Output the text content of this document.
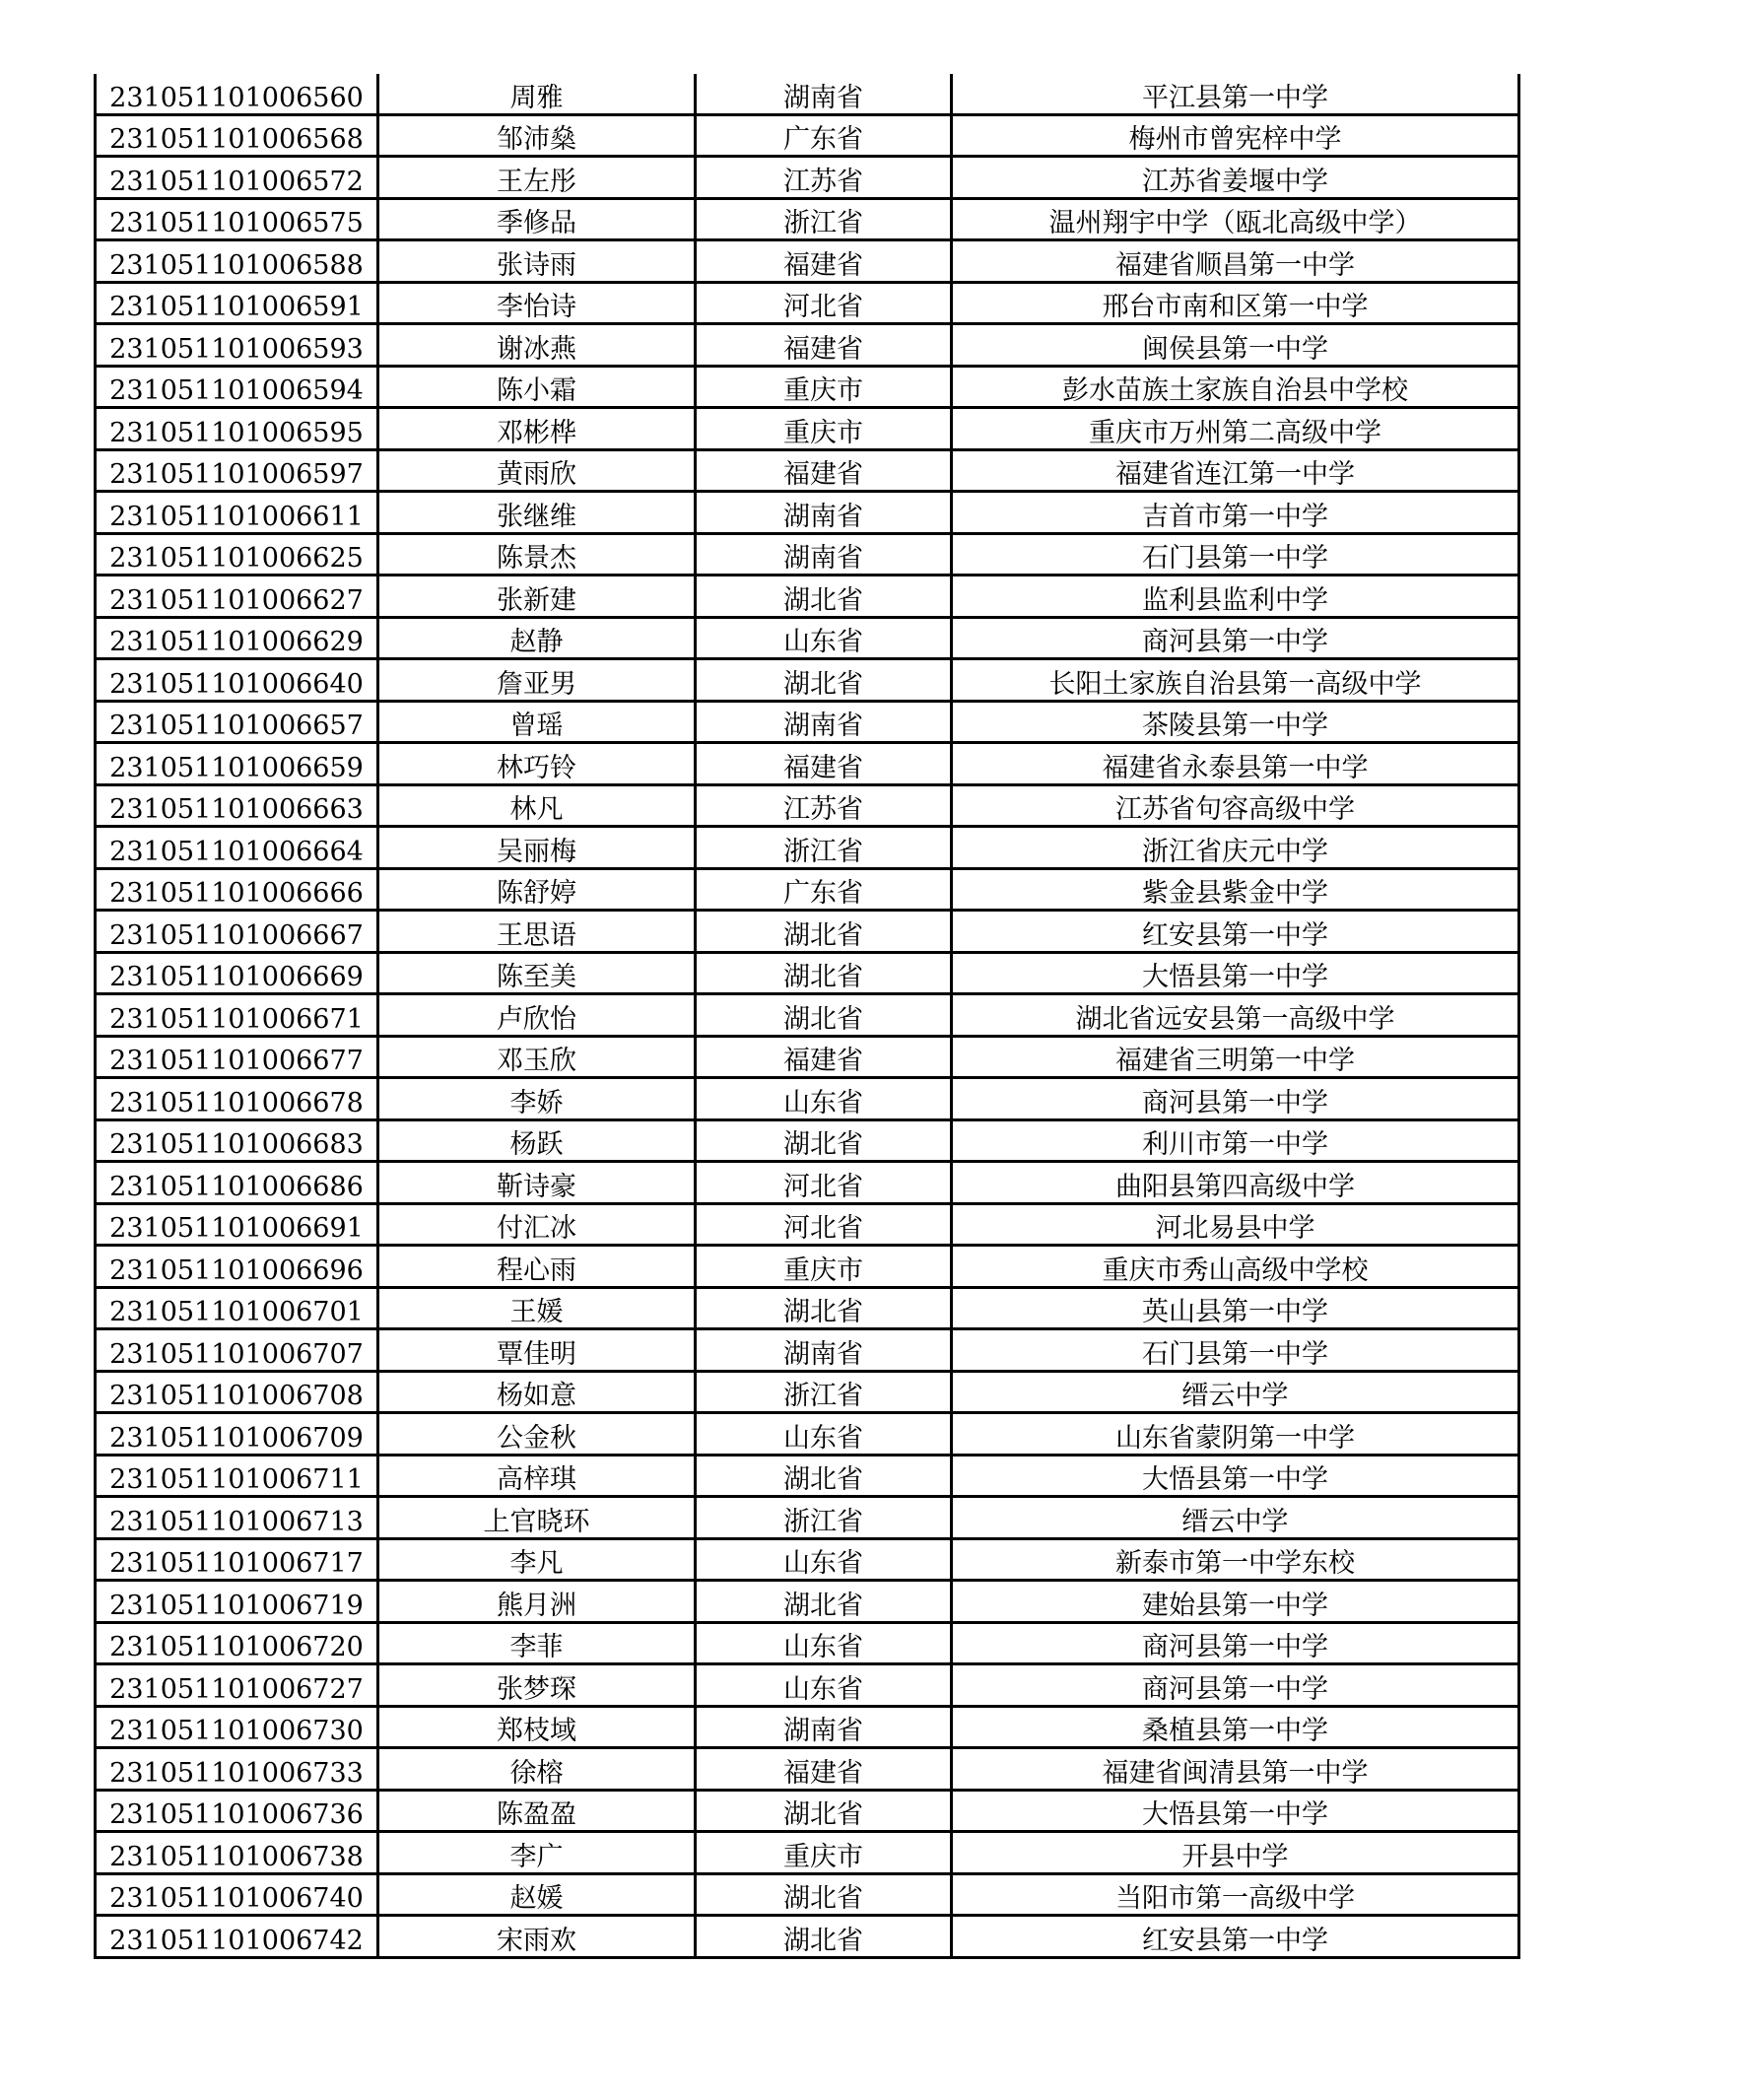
231051101006560	周雅	湖南省	平江县第一中学
231051101006568	邹沛燊	广东省	梅州市曾宪梓中学
231051101006572	王左彤	江苏省	江苏省姜堰中学
231051101006575	季修品	浙江省	温州翔宇中学（瓯北高级中学）
231051101006588	张诗雨	福建省	福建省顺昌第一中学
231051101006591	李怡诗	河北省	邢台市南和区第一中学
231051101006593	谢冰燕	福建省	闽侯县第一中学
231051101006594	陈小霜	重庆市	彭水苗族土家族自治县中学校
231051101006595	邓彬桦	重庆市	重庆市万州第二高级中学
231051101006597	黄雨欣	福建省	福建省连江第一中学
231051101006611	张继维	湖南省	吉首市第一中学
231051101006625	陈景杰	湖南省	石门县第一中学
231051101006627	张新建	湖北省	监利县监利中学
231051101006629	赵静	山东省	商河县第一中学
231051101006640	詹亚男	湖北省	长阳土家族自治县第一高级中学
231051101006657	曾瑶	湖南省	茶陵县第一中学
231051101006659	林巧铃	福建省	福建省永泰县第一中学
231051101006663	林凡	江苏省	江苏省句容高级中学
231051101006664	吴丽梅	浙江省	浙江省庆元中学
231051101006666	陈舒婷	广东省	紫金县紫金中学
231051101006667	王思语	湖北省	红安县第一中学
231051101006669	陈至美	湖北省	大悟县第一中学
231051101006671	卢欣怡	湖北省	湖北省远安县第一高级中学
231051101006677	邓玉欣	福建省	福建省三明第一中学
231051101006678	李娇	山东省	商河县第一中学
231051101006683	杨跃	湖北省	利川市第一中学
231051101006686	靳诗豪	河北省	曲阳县第四高级中学
231051101006691	付汇冰	河北省	河北易县中学
231051101006696	程心雨	重庆市	重庆市秀山高级中学校
231051101006701	王媛	湖北省	英山县第一中学
231051101006707	覃佳明	湖南省	石门县第一中学
231051101006708	杨如意	浙江省	缙云中学
231051101006709	公金秋	山东省	山东省蒙阴第一中学
231051101006711	高梓琪	湖北省	大悟县第一中学
231051101006713	上官晓环	浙江省	缙云中学
231051101006717	李凡	山东省	新泰市第一中学东校
231051101006719	熊月洲	湖北省	建始县第一中学
231051101006720	李菲	山东省	商河县第一中学
231051101006727	张梦琛	山东省	商河县第一中学
231051101006730	郑枝域	湖南省	桑植县第一中学
231051101006733	徐榕	福建省	福建省闽清县第一中学
231051101006736	陈盈盈	湖北省	大悟县第一中学
231051101006738	李广	重庆市	开县中学
231051101006740	赵媛	湖北省	当阳市第一高级中学
231051101006742	宋雨欢	湖北省	红安县第一中学
